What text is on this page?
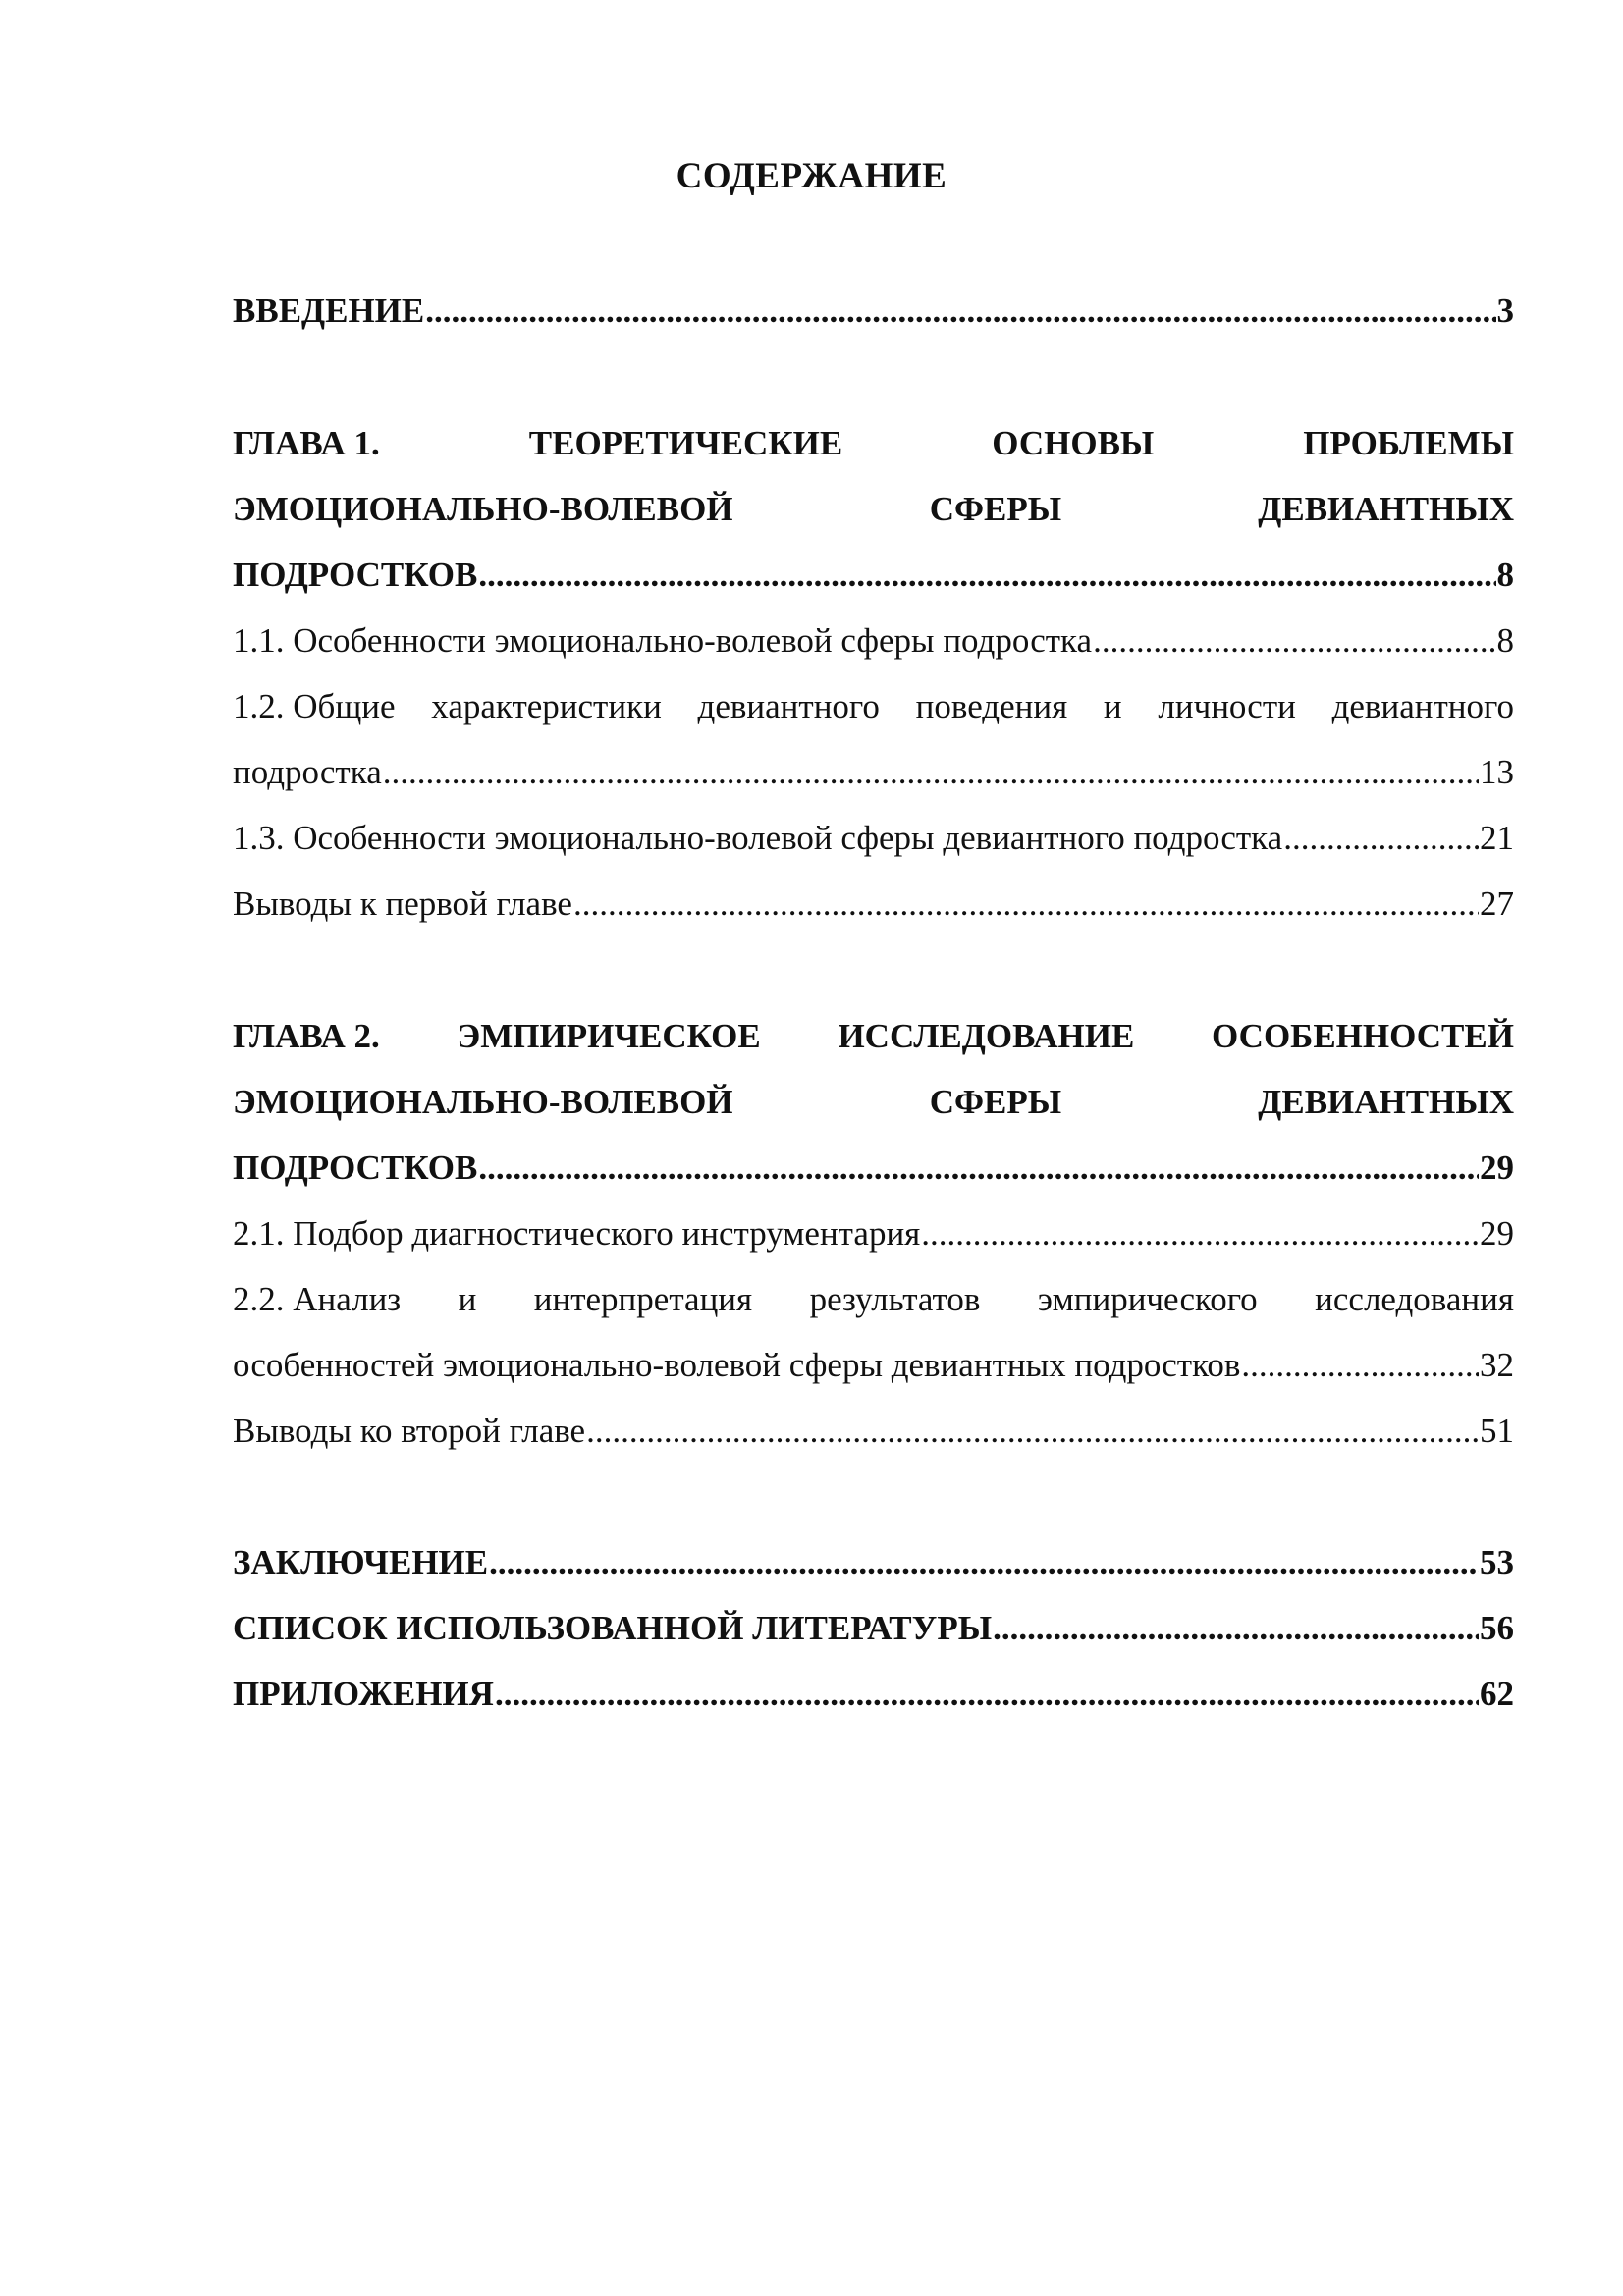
СОДЕРЖАНИЕ
ВВЕДЕНИЕ .....	3
ГЛАВА 1.	ТЕОРЕТИЧЕСКИЕ	ОСНОВЫ	ПРОБЛЕМЫ
ЭМОЦИОНАЛЬНО-ВОЛЕВОЙ	СФЕРЫ	ДЕВИАНТНЫХ
ПОДРОСТКОВ .....	8
1.1. Особенности эмоционально-волевой сферы подростка .....	8
1.2. Общие характеристики девиантного поведения и личности девиантного
подростка .....	13
1.3. Особенности эмоционально-волевой сферы девиантного подростка .....	21
Выводы к первой главе .....	27
ГЛАВА 2. ЭМПИРИЧЕСКОЕ ИССЛЕДОВАНИЕ ОСОБЕННОСТЕЙ
ЭМОЦИОНАЛЬНО-ВОЛЕВОЙ	СФЕРЫ	ДЕВИАНТНЫХ
ПОДРОСТКОВ .....	29
2.1. Подбор диагностического инструментария .....	29
2.2. Анализ и интерпретация результатов эмпирического исследования
особенностей эмоционально-волевой сферы девиантных подростков .....	32
Выводы ко второй главе .....	51
ЗАКЛЮЧЕНИЕ .....	53
СПИСОК ИСПОЛЬЗОВАННОЙ ЛИТЕРАТУРЫ .....	56
ПРИЛОЖЕНИЯ .....	62
